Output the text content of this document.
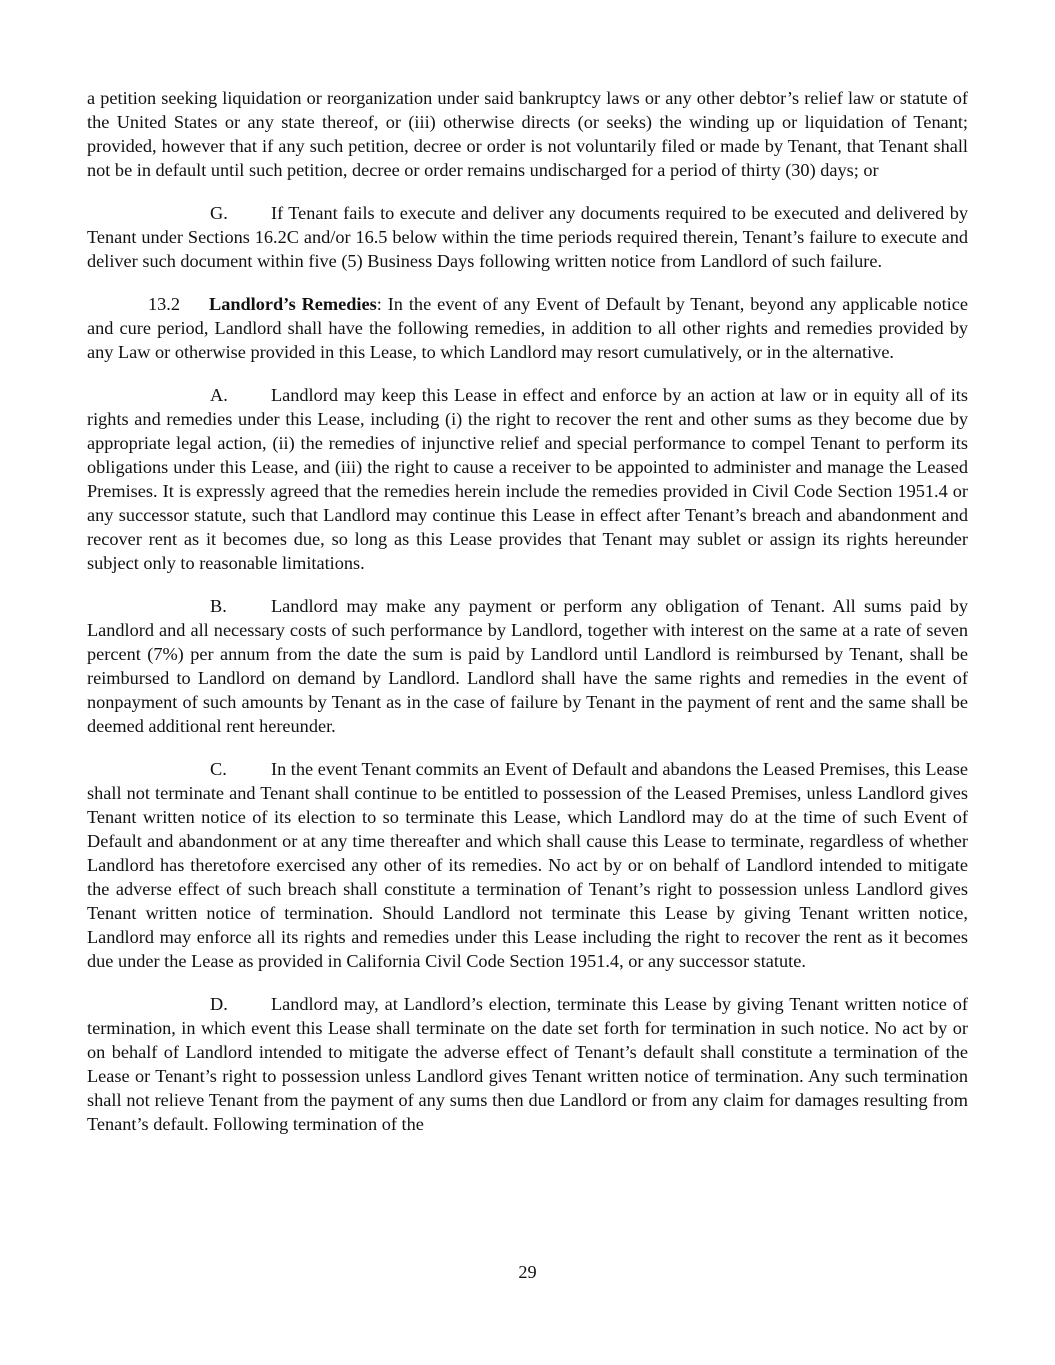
a petition seeking liquidation or reorganization under said bankruptcy laws or any other debtor’s relief law or statute of the United States or any state thereof, or (iii) otherwise directs (or seeks) the winding up or liquidation of Tenant; provided, however that if any such petition, decree or order is not voluntarily filed or made by Tenant, that Tenant shall not be in default until such petition, decree or order remains undischarged for a period of thirty (30) days; or

G. If Tenant fails to execute and deliver any documents required to be executed and delivered by Tenant under Sections 16.2C and/or 16.5 below within the time periods required therein, Tenant’s failure to execute and deliver such document within five (5) Business Days following written notice from Landlord of such failure.

13.2 Landlord’s Remedies: In the event of any Event of Default by Tenant, beyond any applicable notice and cure period, Landlord shall have the following remedies, in addition to all other rights and remedies provided by any Law or otherwise provided in this Lease, to which Landlord may resort cumulatively, or in the alternative.

A. Landlord may keep this Lease in effect and enforce by an action at law or in equity all of its rights and remedies under this Lease, including (i) the right to recover the rent and other sums as they become due by appropriate legal action, (ii) the remedies of injunctive relief and special performance to compel Tenant to perform its obligations under this Lease, and (iii) the right to cause a receiver to be appointed to administer and manage the Leased Premises. It is expressly agreed that the remedies herein include the remedies provided in Civil Code Section 1951.4 or any successor statute, such that Landlord may continue this Lease in effect after Tenant’s breach and abandonment and recover rent as it becomes due, so long as this Lease provides that Tenant may sublet or assign its rights hereunder subject only to reasonable limitations.

B. Landlord may make any payment or perform any obligation of Tenant. All sums paid by Landlord and all necessary costs of such performance by Landlord, together with interest on the same at a rate of seven percent (7%) per annum from the date the sum is paid by Landlord until Landlord is reimbursed by Tenant, shall be reimbursed to Landlord on demand by Landlord. Landlord shall have the same rights and remedies in the event of nonpayment of such amounts by Tenant as in the case of failure by Tenant in the payment of rent and the same shall be deemed additional rent hereunder.

C. In the event Tenant commits an Event of Default and abandons the Leased Premises, this Lease shall not terminate and Tenant shall continue to be entitled to possession of the Leased Premises, unless Landlord gives Tenant written notice of its election to so terminate this Lease, which Landlord may do at the time of such Event of Default and abandonment or at any time thereafter and which shall cause this Lease to terminate, regardless of whether Landlord has theretofore exercised any other of its remedies. No act by or on behalf of Landlord intended to mitigate the adverse effect of such breach shall constitute a termination of Tenant’s right to possession unless Landlord gives Tenant written notice of termination. Should Landlord not terminate this Lease by giving Tenant written notice, Landlord may enforce all its rights and remedies under this Lease including the right to recover the rent as it becomes due under the Lease as provided in California Civil Code Section 1951.4, or any successor statute.

D. Landlord may, at Landlord’s election, terminate this Lease by giving Tenant written notice of termination, in which event this Lease shall terminate on the date set forth for termination in such notice. No act by or on behalf of Landlord intended to mitigate the adverse effect of Tenant’s default shall constitute a termination of the Lease or Tenant’s right to possession unless Landlord gives Tenant written notice of termination. Any such termination shall not relieve Tenant from the payment of any sums then due Landlord or from any claim for damages resulting from Tenant’s default. Following termination of the

29
